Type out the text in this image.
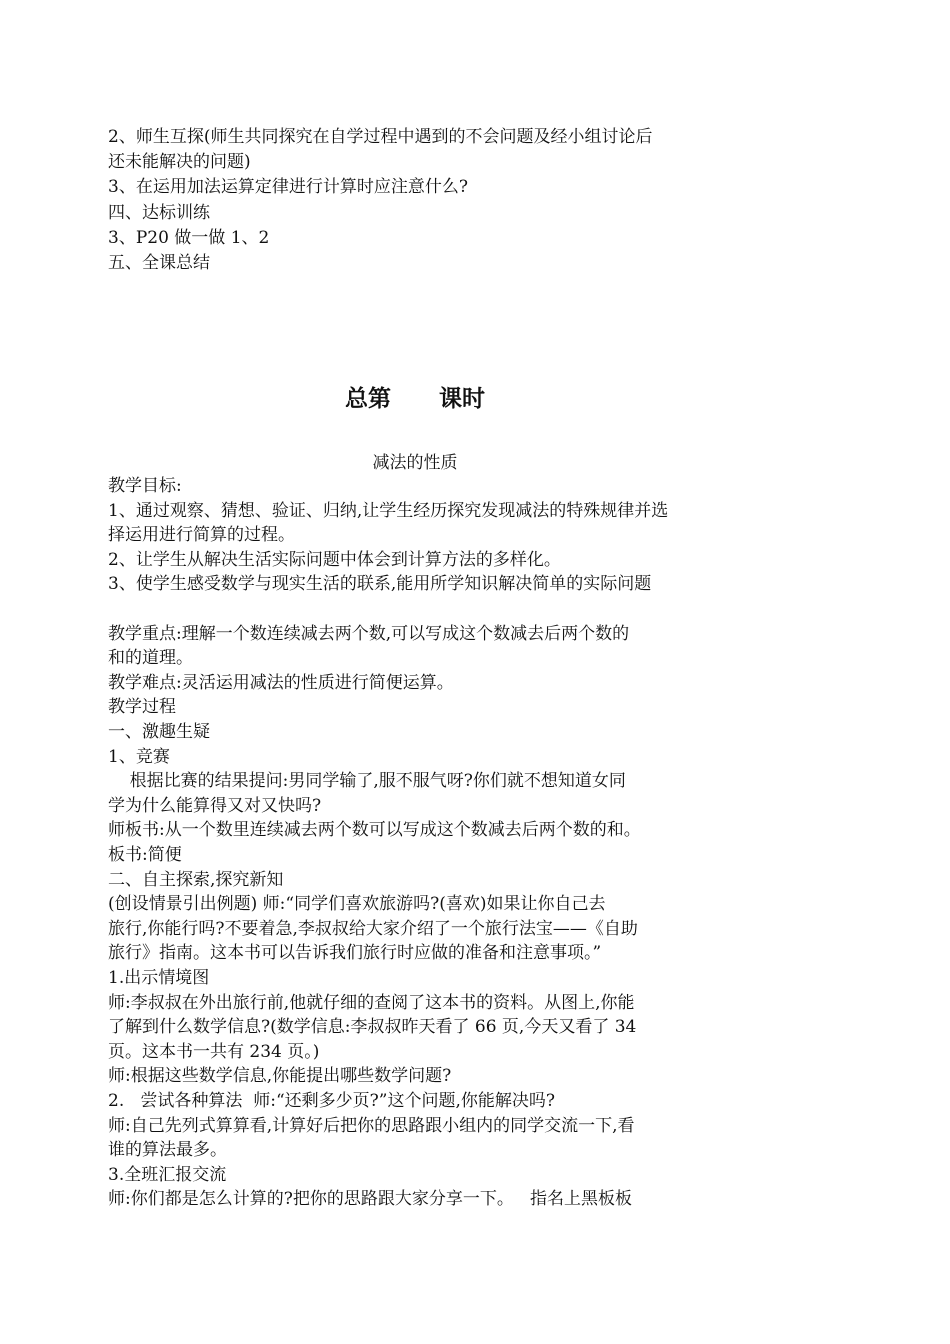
2、师生互探(师生共同探究在自学过程中遇到的不会问题及经小组讨论后
还未能解决的问题)
3、在运用加法运算定律进行计算时应注意什么?
四、达标训练
3、P20 做一做 1、2
五、全课总结
总第      课时
减法的性质
教学目标:
1、通过观察、猜想、验证、归纳,让学生经历探究发现减法的特殊规律并选
择运用进行简算的过程。
2、让学生从解决生活实际问题中体会到计算方法的多样化。
3、使学生感受数学与现实生活的联系,能用所学知识解决简单的实际问题
教学重点:理解一个数连续减去两个数,可以写成这个数减去后两个数的
和的道理。
教学难点:灵活运用减法的性质进行简便运算。
教学过程
一、激趣生疑
1、竞赛
根据比赛的结果提问:男同学输了,服不服气呀?你们就不想知道女同
学为什么能算得又对又快吗?
师板书:从一个数里连续减去两个数可以写成这个数减去后两个数的和。
板书:简便
二、自主探索,探究新知
(创设情景引出例题) 师:“同学们喜欢旅游吗?(喜欢)如果让你自己去
旅行,你能行吗?不要着急,李叔叔给大家介绍了一个旅行法宝——《自助
旅行》指南。这本书可以告诉我们旅行时应做的准备和注意事项。”
1.出示情境图
师:李叔叔在外出旅行前,他就仔细的查阅了这本书的资料。从图上,你能
了解到什么数学信息?(数学信息:李叔叔昨天看了 66 页,今天又看了 34
页。这本书一共有 234 页。)
师:根据这些数学信息,你能提出哪些数学问题?
2.   尝试各种算法  师:“还剩多少页?”这个问题,你能解决吗?
师:自己先列式算算看,计算好后把你的思路跟小组内的同学交流一下,看
谁的算法最多。
3.全班汇报交流
师:你们都是怎么计算的?把你的思路跟大家分享一下。   指名上黑板板
